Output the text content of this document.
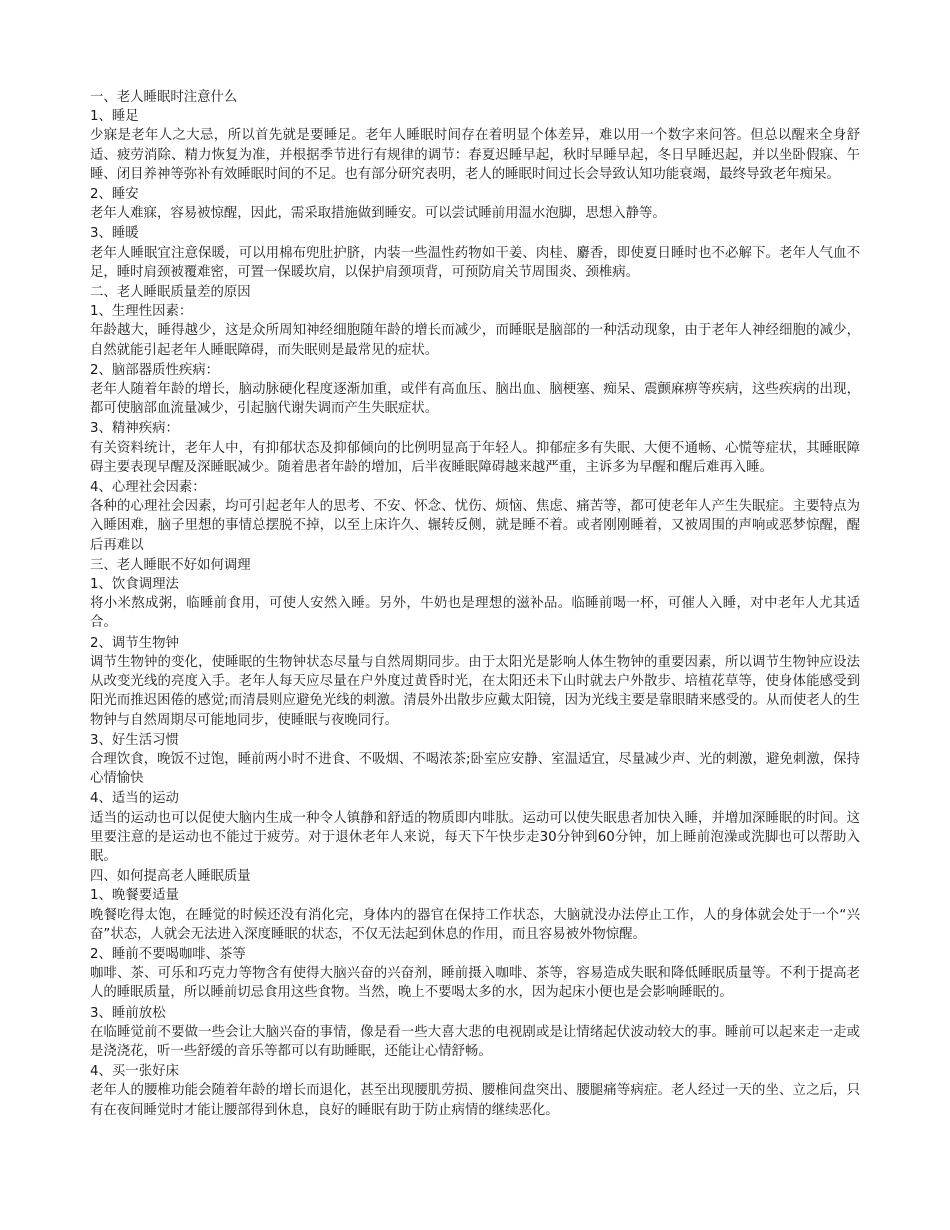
一、老人睡眠时注意什么
1、睡足
少寐是老年人之大忌，所以首先就是要睡足。老年人睡眠时间存在着明显个体差异，难以用一个数字来问答。但总以醒来全身舒适、疲劳消除、精力恢复为准，并根据季节进行有规律的调节：春夏迟睡早起，秋时早睡早起，冬日早睡迟起，并以坐卧假寐、午睡、闭目养神等弥补有效睡眠时间的不足。也有部分研究表明，老人的睡眠时间过长会导致认知功能衰竭，最终导致老年痴呆。
2、睡安
老年人难寐，容易被惊醒，因此，需采取措施做到睡安。可以尝试睡前用温水泡脚，思想入静等。
3、睡暖
老年人睡眠宜注意保暖，可以用棉布兜肚护脐，内装一些温性药物如干姜、肉桂、麝香，即使夏日睡时也不必解下。老年人气血不足，睡时肩颈被覆难密，可置一保暖坎肩，以保护肩颈项背，可预防肩关节周围炎、颈椎病。
二、老人睡眠质量差的原因
1、生理性因素：
年龄越大，睡得越少，这是众所周知神经细胞随年龄的增长而减少，而睡眠是脑部的一种活动现象，由于老年人神经细胞的减少，自然就能引起老年人睡眠障碍，而失眠则是最常见的症状。
2、脑部器质性疾病：
老年人随着年龄的增长，脑动脉硬化程度逐渐加重，或伴有高血压、脑出血、脑梗塞、痴呆、震颤麻痹等疾病，这些疾病的出现，都可使脑部血流量减少，引起脑代谢失调而产生失眠症状。
3、精神疾病：
有关资料统计，老年人中，有抑郁状态及抑郁倾向的比例明显高于年轻人。抑郁症多有失眠、大便不通畅、心慌等症状，其睡眠障碍主要表现早醒及深睡眠减少。随着患者年龄的增加，后半夜睡眠障碍越来越严重，主诉多为早醒和醒后难再入睡。
4、心理社会因素：
各种的心理社会因素，均可引起老年人的思考、不安、怀念、忧伤、烦恼、焦虑、痛苦等，都可使老年人产生失眠症。主要特点为入睡困难，脑子里想的事情总摆脱不掉，以至上床许久、辗转反侧，就是睡不着。或者刚刚睡着，又被周围的声响或恶梦惊醒，醒后再难以
三、老人睡眠不好如何调理
1、饮食调理法
将小米熬成粥，临睡前食用，可使人安然入睡。另外，牛奶也是理想的滋补品。临睡前喝一杯，可催人入睡，对中老年人尤其适合。
2、调节生物钟
调节生物钟的变化，使睡眠的生物钟状态尽量与自然周期同步。由于太阳光是影响人体生物钟的重要因素，所以调节生物钟应设法从改变光线的亮度入手。老年人每天应尽量在户外度过黄昏时光，在太阳还未下山时就去户外散步、培植花草等，使身体能感受到阳光而推迟困倦的感觉;而清晨则应避免光线的刺激。清晨外出散步应戴太阳镜，因为光线主要是靠眼睛来感受的。从而使老人的生物钟与自然周期尽可能地同步，使睡眠与夜晚同行。
3、好生活习惯
合理饮食，晚饭不过饱，睡前两小时不进食、不吸烟、不喝浓茶;卧室应安静、室温适宜，尽量减少声、光的刺激，避免刺激，保持心情愉快
4、适当的运动
适当的运动也可以促使大脑内生成一种令人镇静和舒适的物质即内啡肽。运动可以使失眠患者加快入睡，并增加深睡眠的时间。这里要注意的是运动也不能过于疲劳。对于退休老年人来说，每天下午快步走30分钟到60分钟，加上睡前泡澡或洗脚也可以帮助入眠。
四、如何提高老人睡眠质量
1、晚餐要适量
晚餐吃得太饱，在睡觉的时候还没有消化完，身体内的器官在保持工作状态，大脑就没办法停止工作，人的身体就会处于一个“兴奋”状态，人就会无法进入深度睡眠的状态，不仅无法起到休息的作用，而且容易被外物惊醒。
2、睡前不要喝咖啡、茶等
咖啡、茶、可乐和巧克力等物含有使得大脑兴奋的兴奋剂，睡前摄入咖啡、茶等，容易造成失眠和降低睡眠质量等。不利于提高老人的睡眠质量，所以睡前切忌食用这些食物。当然，晚上不要喝太多的水，因为起床小便也是会影响睡眠的。
3、睡前放松
在临睡觉前不要做一些会让大脑兴奋的事情，像是看一些大喜大悲的电视剧或是让情绪起伏波动较大的事。睡前可以起来走一走或是浇浇花，听一些舒缓的音乐等都可以有助睡眠，还能让心情舒畅。
4、买一张好床
老年人的腰椎功能会随着年龄的增长而退化，甚至出现腰肌劳损、腰椎间盘突出、腰腿痛等病症。老人经过一天的坐、立之后，只有在夜间睡觉时才能让腰部得到休息，良好的睡眠有助于防止病情的继续恶化。
